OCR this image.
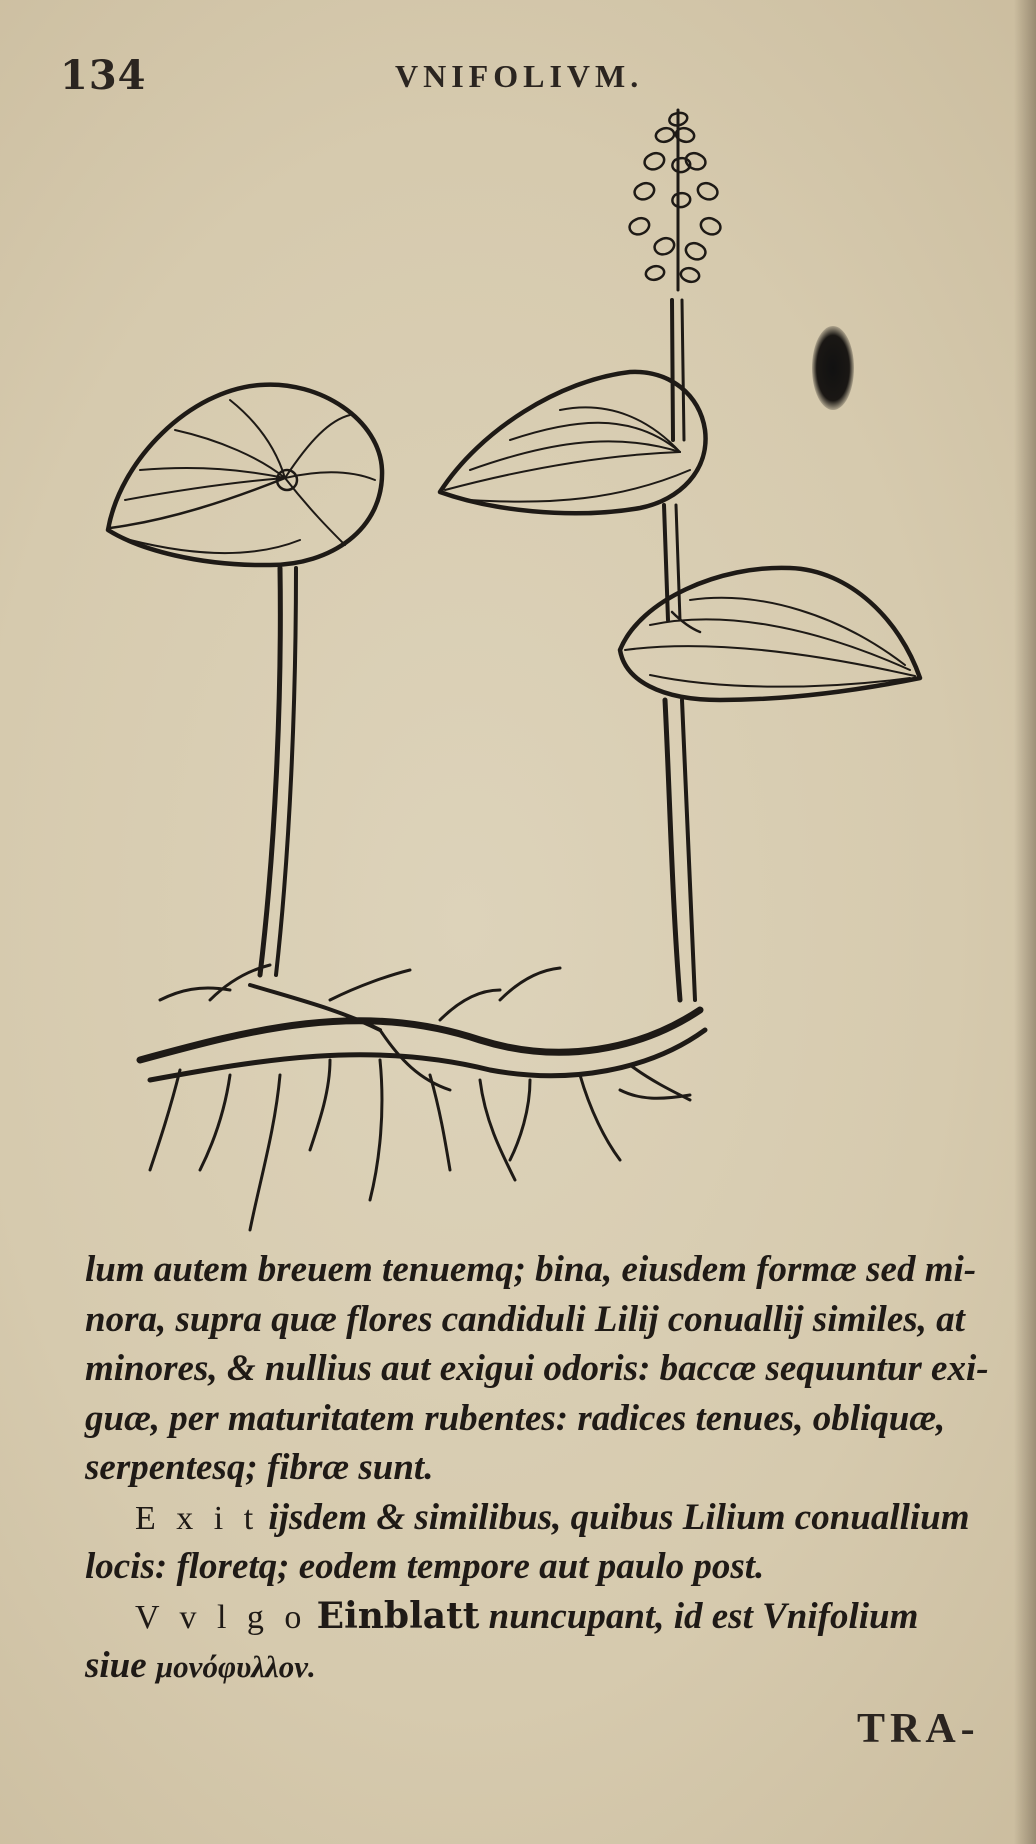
134	VNIFOLIVM.
lum autem breuem tenuemq; bina, eiusdem formæ sed mi-
nora, supra quæ flores candiduli Lilij conuallij similes, at
minores, & nullius aut exigui odoris: baccæ sequuntur exi-
guæ, per maturitatem rubentes: radices tenues, obliquæ,
serpentesq; fibræ sunt.
E x i t ijsdem & similibus, quibus Lilium conuallium
locis: floretq; eodem tempore aut paulo post.
V v l g o Einblatt nuncupant, id est Vnifolium
siue μονόφυλλον.
TRA-
